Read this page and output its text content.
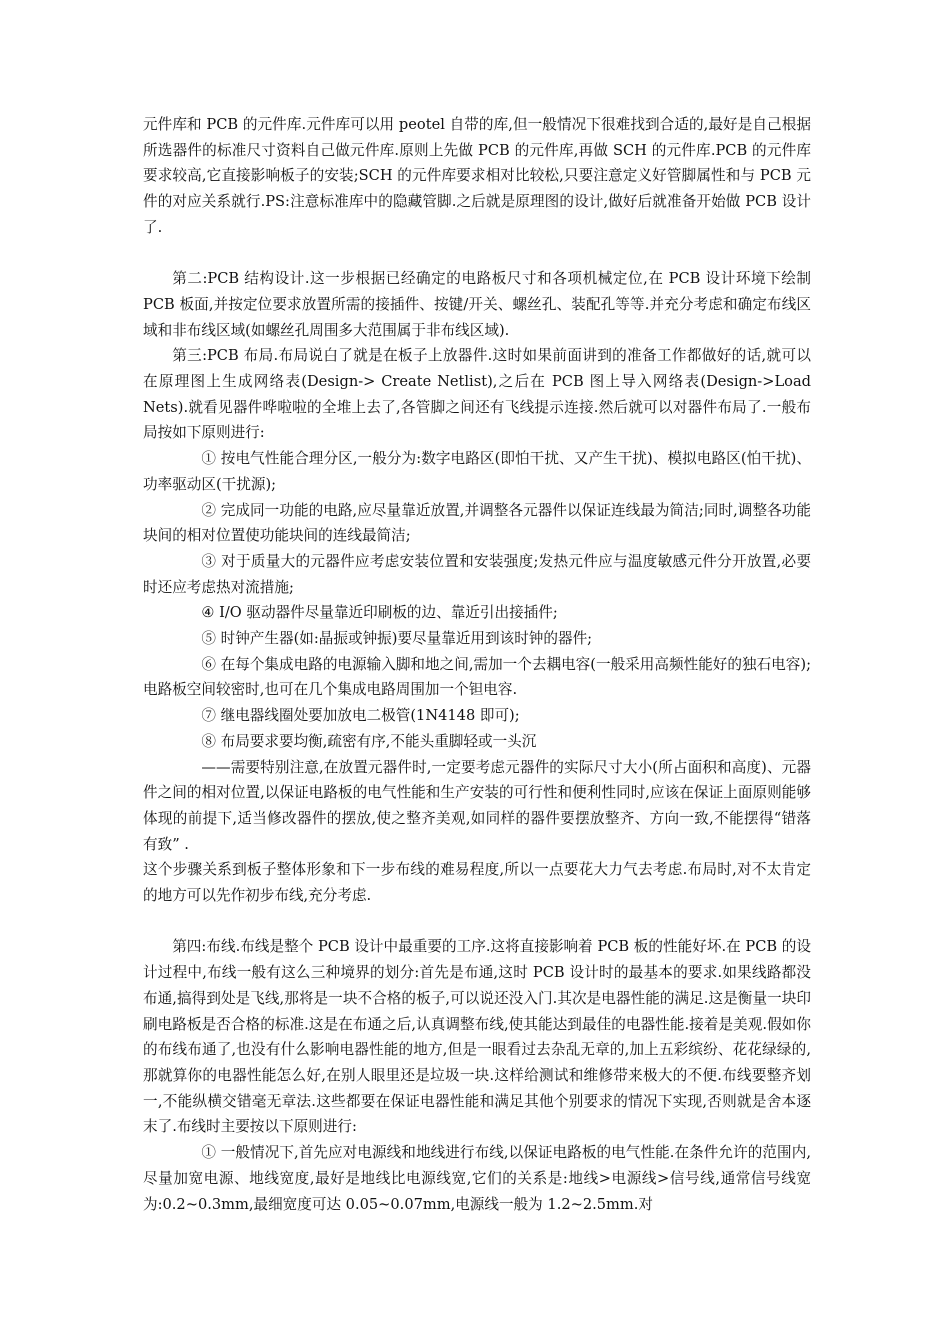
元件库和 PCB 的元件库.元件库可以用 peotel 自带的库,但一般情况下很难找到合适的,最好是自己根据所选器件的标准尺寸资料自己做元件库.原则上先做 PCB 的元件库,再做 SCH 的元件库.PCB 的元件库要求较高,它直接影响板子的安装;SCH 的元件库要求相对比较松,只要注意定义好管脚属性和与 PCB 元件的对应关系就行.PS:注意标准库中的隐藏管脚.之后就是原理图的设计,做好后就准备开始做 PCB 设计了.

第二:PCB 结构设计.这一步根据已经确定的电路板尺寸和各项机械定位,在 PCB 设计环境下绘制 PCB 板面,并按定位要求放置所需的接插件、按键/开关、螺丝孔、装配孔等等.并充分考虑和确定布线区域和非布线区域(如螺丝孔周围多大范围属于非布线区域).

第三:PCB 布局.布局说白了就是在板子上放器件.这时如果前面讲到的准备工作都做好的话,就可以在原理图上生成网络表(Design-> Create Netlist),之后在 PCB 图上导入网络表(Design->Load Nets).就看见器件哗啦啦的全堆上去了,各管脚之间还有飞线提示连接.然后就可以对器件布局了.一般布局按如下原则进行:

① 按电气性能合理分区,一般分为:数字电路区(即怕干扰、又产生干扰)、模拟电路区(怕干扰)、功率驱动区(干扰源);

② 完成同一功能的电路,应尽量靠近放置,并调整各元器件以保证连线最为简洁;同时,调整各功能块间的相对位置使功能块间的连线最简洁;

③ 对于质量大的元器件应考虑安装位置和安装强度;发热元件应与温度敏感元件分开放置,必要时还应考虑热对流措施;

④ I/O 驱动器件尽量靠近印刷板的边、靠近引出接插件;

⑤ 时钟产生器(如:晶振或钟振)要尽量靠近用到该时钟的器件;

⑥ 在每个集成电路的电源输入脚和地之间,需加一个去耦电容(一般采用高频性能好的独石电容);电路板空间较密时,也可在几个集成电路周围加一个钽电容.

⑦ 继电器线圈处要加放电二极管(1N4148 即可);

⑧ 布局要求要均衡,疏密有序,不能头重脚轻或一头沉

——需要特别注意,在放置元器件时,一定要考虑元器件的实际尺寸大小(所占面积和高度)、元器件之间的相对位置,以保证电路板的电气性能和生产安装的可行性和便利性同时,应该在保证上面原则能够体现的前提下,适当修改器件的摆放,使之整齐美观,如同样的器件要摆放整齐、方向一致,不能摆得“错落有致” .

这个步骤关系到板子整体形象和下一步布线的难易程度,所以一点要花大力气去考虑.布局时,对不太肯定的地方可以先作初步布线,充分考虑.

第四:布线.布线是整个 PCB 设计中最重要的工序.这将直接影响着 PCB 板的性能好坏.在 PCB 的设计过程中,布线一般有这么三种境界的划分:首先是布通,这时 PCB 设计时的最基本的要求.如果线路都没布通,搞得到处是飞线,那将是一块不合格的板子,可以说还没入门.其次是电器性能的满足.这是衡量一块印刷电路板是否合格的标准.这是在布通之后,认真调整布线,使其能达到最佳的电器性能.接着是美观.假如你的布线布通了,也没有什么影响电器性能的地方,但是一眼看过去杂乱无章的,加上五彩缤纷、花花绿绿的,那就算你的电器性能怎么好,在别人眼里还是垃圾一块.这样给测试和维修带来极大的不便.布线要整齐划一,不能纵横交错毫无章法.这些都要在保证电器性能和满足其他个别要求的情况下实现,否则就是舍本逐末了.布线时主要按以下原则进行:

① 一般情况下,首先应对电源线和地线进行布线,以保证电路板的电气性能.在条件允许的范围内,尽量加宽电源、地线宽度,最好是地线比电源线宽,它们的关系是:地线>电源线>信号线,通常信号线宽为:0.2~0.3mm,最细宽度可达 0.05~0.07mm,电源线一般为 1.2~2.5mm.对
